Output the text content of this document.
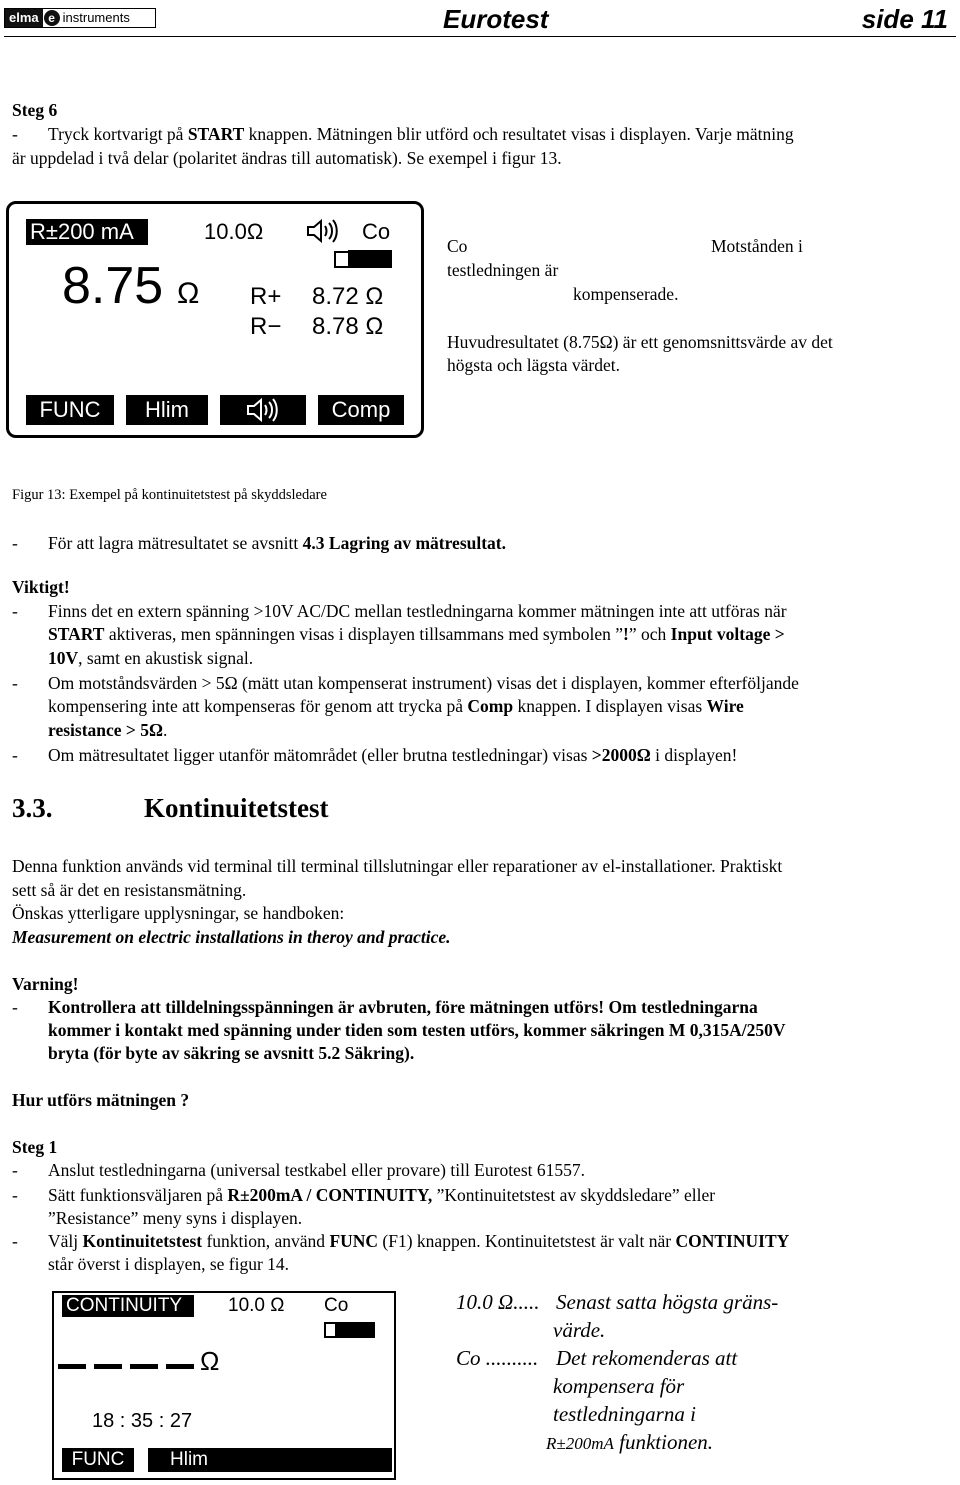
elma e instruments	Eurotest	side 11
Steg 6
- Tryck kortvarigt på START knappen. Mätningen blir utförd och resultatet visas i displayen. Varje mätning
är uppdelad i två delar (polaritet ändras till automatisk). Se exempel i figur 13.
R±200 mA	10.0Ω	Co
8.75 Ω R+ 8.72 Ω
R− 8.78 Ω
FUNC	Hlim	Comp
Co	Motstånden i
testledningen är
kompenserade.
Huvudresultatet (8.75Ω) är ett genomsnittsvärde av det
högsta och lägsta värdet.
Figur 13: Exempel på kontinuitetstest på skyddsledare
- För att lagra mätresultatet se avsnitt 4.3 Lagring av mätresultat.
Viktigt!
- Finns det en extern spänning >10V AC/DC mellan testledningarna kommer mätningen inte att utföras när
START aktiveras, men spänningen visas i displayen tillsammans med symbolen ”!” och Input voltage >
10V, samt en akustisk signal.
- Om motståndsvärden > 5Ω (mätt utan kompenserat instrument) visas det i displayen, kommer efterföljande
kompensering inte att kompenseras för genom att trycka på Comp knappen. I displayen visas Wire
resistance > 5Ω.
- Om mätresultatet ligger utanför mätområdet (eller brutna testledningar) visas >2000Ω i displayen!
3.3.	Kontinuitetstest
Denna funktion används vid terminal till terminal tillslutningar eller reparationer av el-installationer. Praktiskt
sett så är det en resistansmätning.
Önskas ytterligare upplysningar, se handboken:
Measurement on electric installations in theroy and practice.
Varning!
- Kontrollera att tilldelningsspänningen är avbruten, före mätningen utförs! Om testledningarna
kommer i kontakt med spänning under tiden som testen utförs, kommer säkringen M 0,315A/250V
bryta (för byte av säkring se avsnitt 5.2 Säkring).
Hur utförs mätningen ?
Steg 1
- Anslut testledningarna (universal testkabel eller provare) till Eurotest 61557.
- Sätt funktionsväljaren på R±200mA / CONTINUITY, ”Kontinuitetstest av skyddsledare” eller
”Resistance” meny syns i displayen.
- Välj Kontinuitetstest funktion, använd FUNC (F1) knappen. Kontinuitetstest är valt när CONTINUITY
står överst i displayen, se figur 14.
CONTINUITY	10.0 Ω Co
Ω
18 : 35 : 27
FUNC	Hlim
10.0 Ω..... Senast satta högsta gräns-
värde.
Co .......... Det rekomenderas att
kompensera för
testledningarna i
R±200mA funktionen.
